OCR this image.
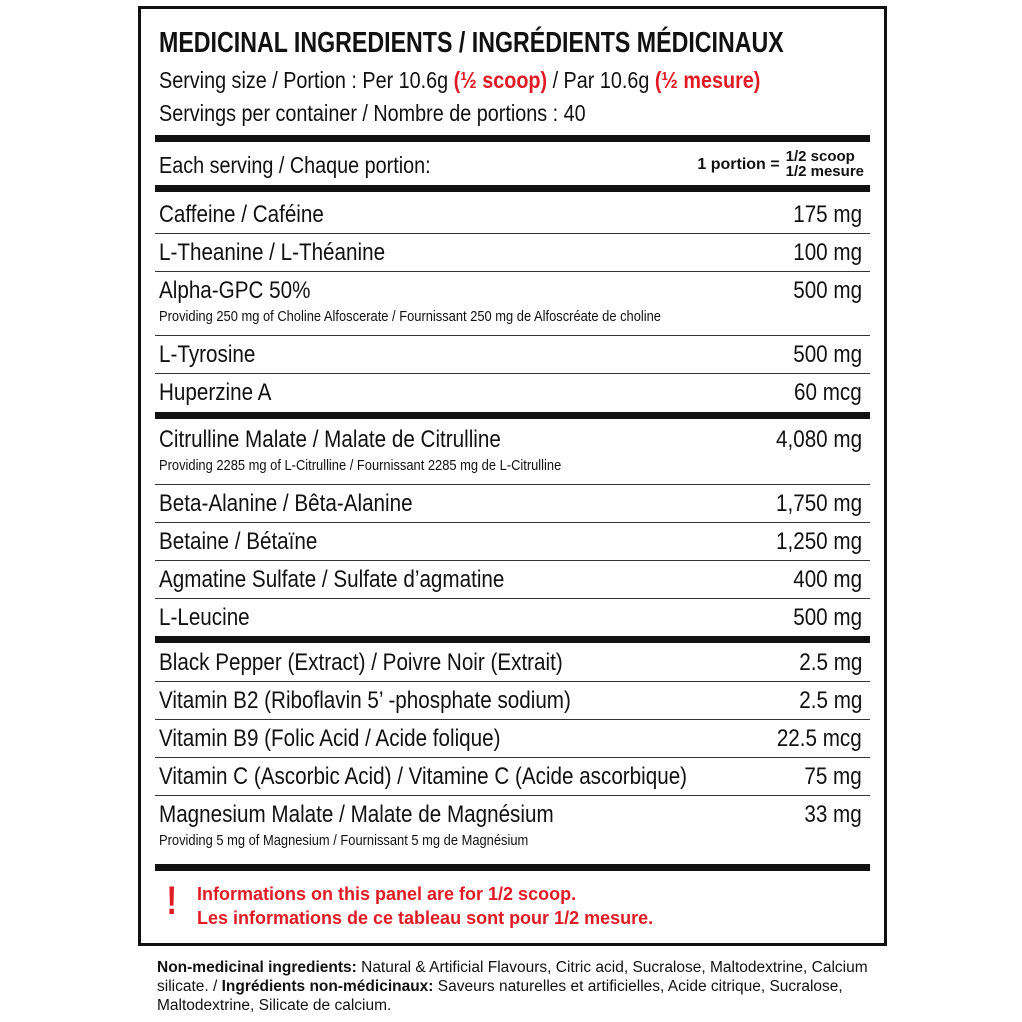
MEDICINAL INGREDIENTS / INGRÉDIENTS MÉDICINAUX
Serving size / Portion : Per 10.6g (½ scoop) / Par 10.6g (½ mesure)
Servings per container / Nombre de portions : 40
Each serving / Chaque portion:	1 portion = 1/2 scoop
1/2 mesure
Caffeine / Caféine	175 mg
L-Theanine / L-Théanine	100 mg
Alpha-GPC 50%	500 mg
Providing 250 mg of Choline Alfoscerate / Fournissant 250 mg de Alfoscréate de choline
L-Tyrosine	500 mg
Huperzine A	60 mcg
Citrulline Malate / Malate de Citrulline	4,080 mg
Providing 2285 mg of L-Citrulline / Fournissant 2285 mg de L-Citrulline
Beta-Alanine / Bêta-Alanine	1,750 mg
Betaine / Bétaïne	1,250 mg
Agmatine Sulfate / Sulfate d’agmatine	400 mg
L-Leucine	500 mg
Black Pepper (Extract) / Poivre Noir (Extrait)	2.5 mg
Vitamin B2 (Riboflavin 5’ -phosphate sodium)	2.5 mg
Vitamin B9 (Folic Acid / Acide folique)	22.5 mcg
Vitamin C (Ascorbic Acid) / Vitamine C (Acide ascorbique)	75 mg
Magnesium Malate / Malate de Magnésium	33 mg
Providing 5 mg of Magnesium / Fournissant 5 mg de Magnésium
! Informations on this panel are for 1/2 scoop.
Les informations de ce tableau sont pour 1/2 mesure.
Non-medicinal ingredients: Natural & Artificial Flavours, Citric acid, Sucralose, Maltodextrine, Calcium silicate. / Ingrédients non-médicinaux: Saveurs naturelles et artificielles, Acide citrique, Sucralose, Maltodextrine, Silicate de calcium.
